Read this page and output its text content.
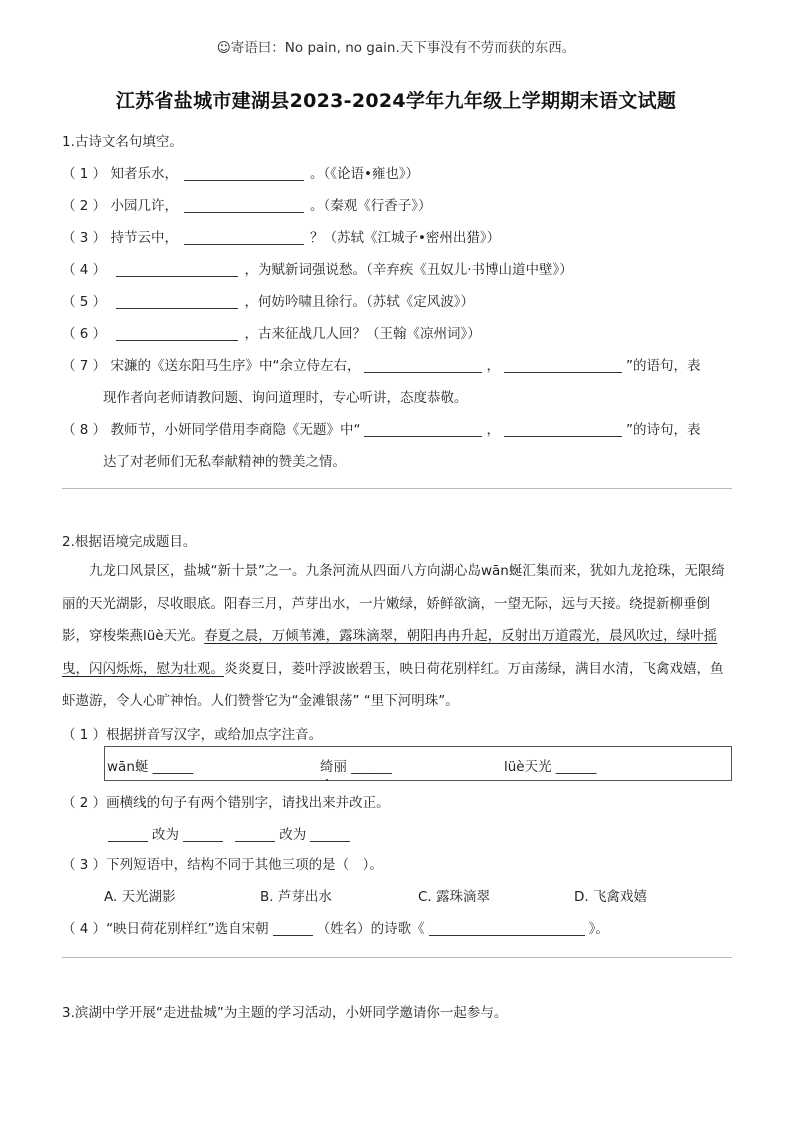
☺寄语曰：No pain, no gain.天下事没有不劳而获的东西。
江苏省盐城市建湖县2023-2024学年九年级上学期期末语文试题
1.古诗文名句填空。
（ 1 ） 知者乐水，	。（《论语•雍也》）
（ 2 ） 小园几许，	。（秦观《行香子》）
（ 3 ） 持节云中，	？（苏轼《江城子•密州出猎》）
（ 4 ）	，为赋新词强说愁。（辛弃疾《丑奴儿·书博山道中壁》）
（ 5 ）	，何妨吟啸且徐行。（苏轼《定风波》）
（ 6 ）	，古来征战几人回？（王翰《凉州词》）
（ 7 ） 宋濂的《送东阳马生序》中“余立侍左右，	，	”的语句，表
现作者向老师请教问题、询问道理时，专心听讲，态度恭敬。
（ 8 ） 教师节，小妍同学借用李商隐《无题》中“	，	”的诗句，表
达了对老师们无私奉献精神的赞美之情。
2.根据语境完成题目。
九龙口风景区，盐城“新十景”之一。九条河流从四面八方向湖心岛wān蜒汇集而来，犹如九龙抢珠，无限绮丽的天光湖影，尽收眼底。阳春三月，芦芽出水，一片嫩绿，娇鲜欲滴，一望无际，远与天接。绕提新柳垂倒影，穿梭柴燕lüè天光。春夏之晨，万倾苇滩，露珠滴翠，朝阳冉冉升起，反射出万道霞光，晨风吹过，绿叶摇曳，闪闪烁烁，慰为壮观。炎炎夏日，菱叶浮波嵌碧玉，映日荷花别样红。万亩荡绿，满目水清，飞禽戏嬉，鱼虾遨游，令人心旷神怡。人们赞誉它为“金滩银荡” “里下河明珠”。
（ 1 ）根据拼音写汉字，或给加点字注音。
wān蜒 ______	绮丽 ______	lüè天光 ______
（ 2 ）画横线的句子有两个错别字，请找出来并改正。
改为	改为
（ 3 ）下列短语中，结构不同于其他三项的是（　）。
A. 天光湖影	B. 芦芽出水	C. 露珠滴翠	D. 飞禽戏嬉
（ 4 ）“映日荷花别样红”选自宋朝	（姓名）的诗歌《	》。
3.滨湖中学开展“走进盐城”为主题的学习活动，小妍同学邀请你一起参与。
